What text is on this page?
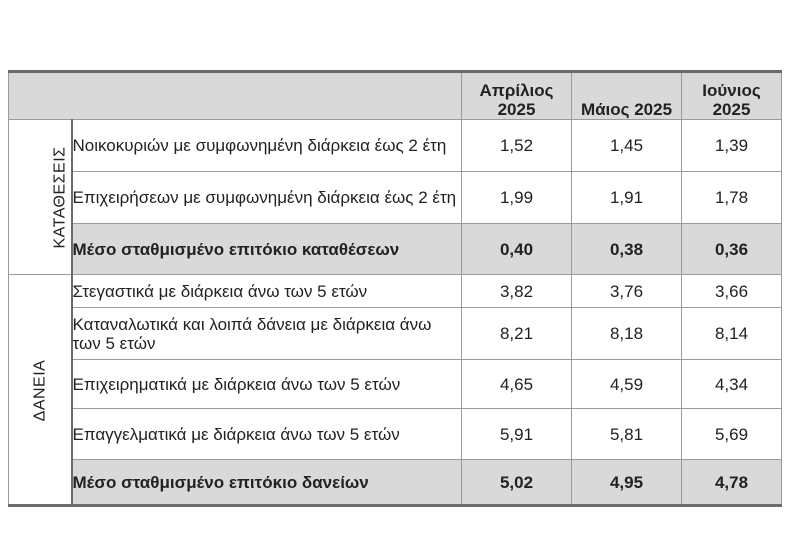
		Απρίλιος 2025	Μάιος 2025	Ιούνιος 2025
ΚΑΤΑΘΕΣΕΙΣ	Νοικοκυριών με συμφωνημένη διάρκεια έως 2 έτη	1,52	1,45	1,39
	Επιχειρήσεων με συμφωνημένη διάρκεια έως 2 έτη	1,99	1,91	1,78
	Μέσο σταθμισμένο επιτόκιο καταθέσεων	0,40	0,38	0,36
ΔΑΝΕΙΑ	Στεγαστικά με διάρκεια άνω των 5 ετών	3,82	3,76	3,66
	Καταναλωτικά και λοιπά δάνεια με διάρκεια άνω των 5 ετών	8,21	8,18	8,14
	Επιχειρηματικά με διάρκεια άνω των 5 ετών	4,65	4,59	4,34
	Επαγγελματικά με διάρκεια άνω των 5 ετών	5,91	5,81	5,69
	Μέσο σταθμισμένο επιτόκιο δανείων	5,02	4,95	4,78
